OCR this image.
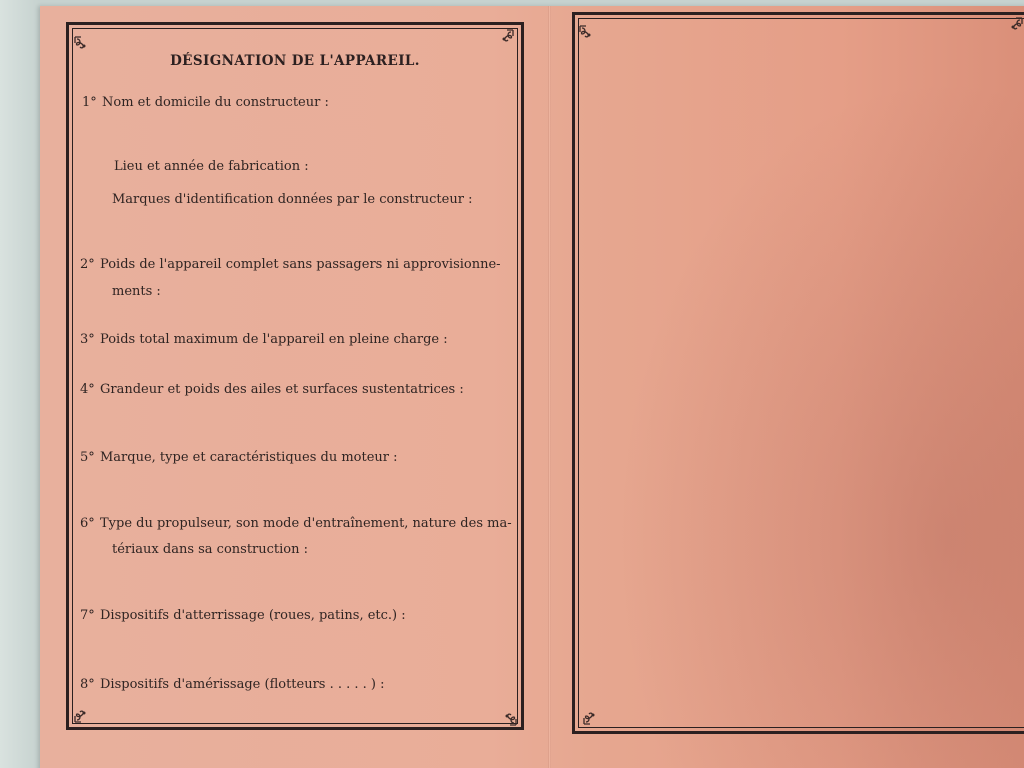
DÉSIGNATION DE L'APPAREIL.
1° Nom et domicile du constructeur :
Lieu et année de fabrication :
Marques d'identification données par le constructeur :
2° Poids de l'appareil complet sans passagers ni approvisionne-
ments :
3° Poids total maximum de l'appareil en pleine charge :
4° Grandeur et poids des ailes et surfaces sustentatrices :
5° Marque, type et caractéristiques du moteur :
6° Type du propulseur, son mode d'entraînement, nature des ma-
tériaux dans sa construction :
7° Dispositifs d'atterrissage (roues, patins, etc.) :
8° Dispositifs d'amérissage (flotteurs . . . . . ) :
